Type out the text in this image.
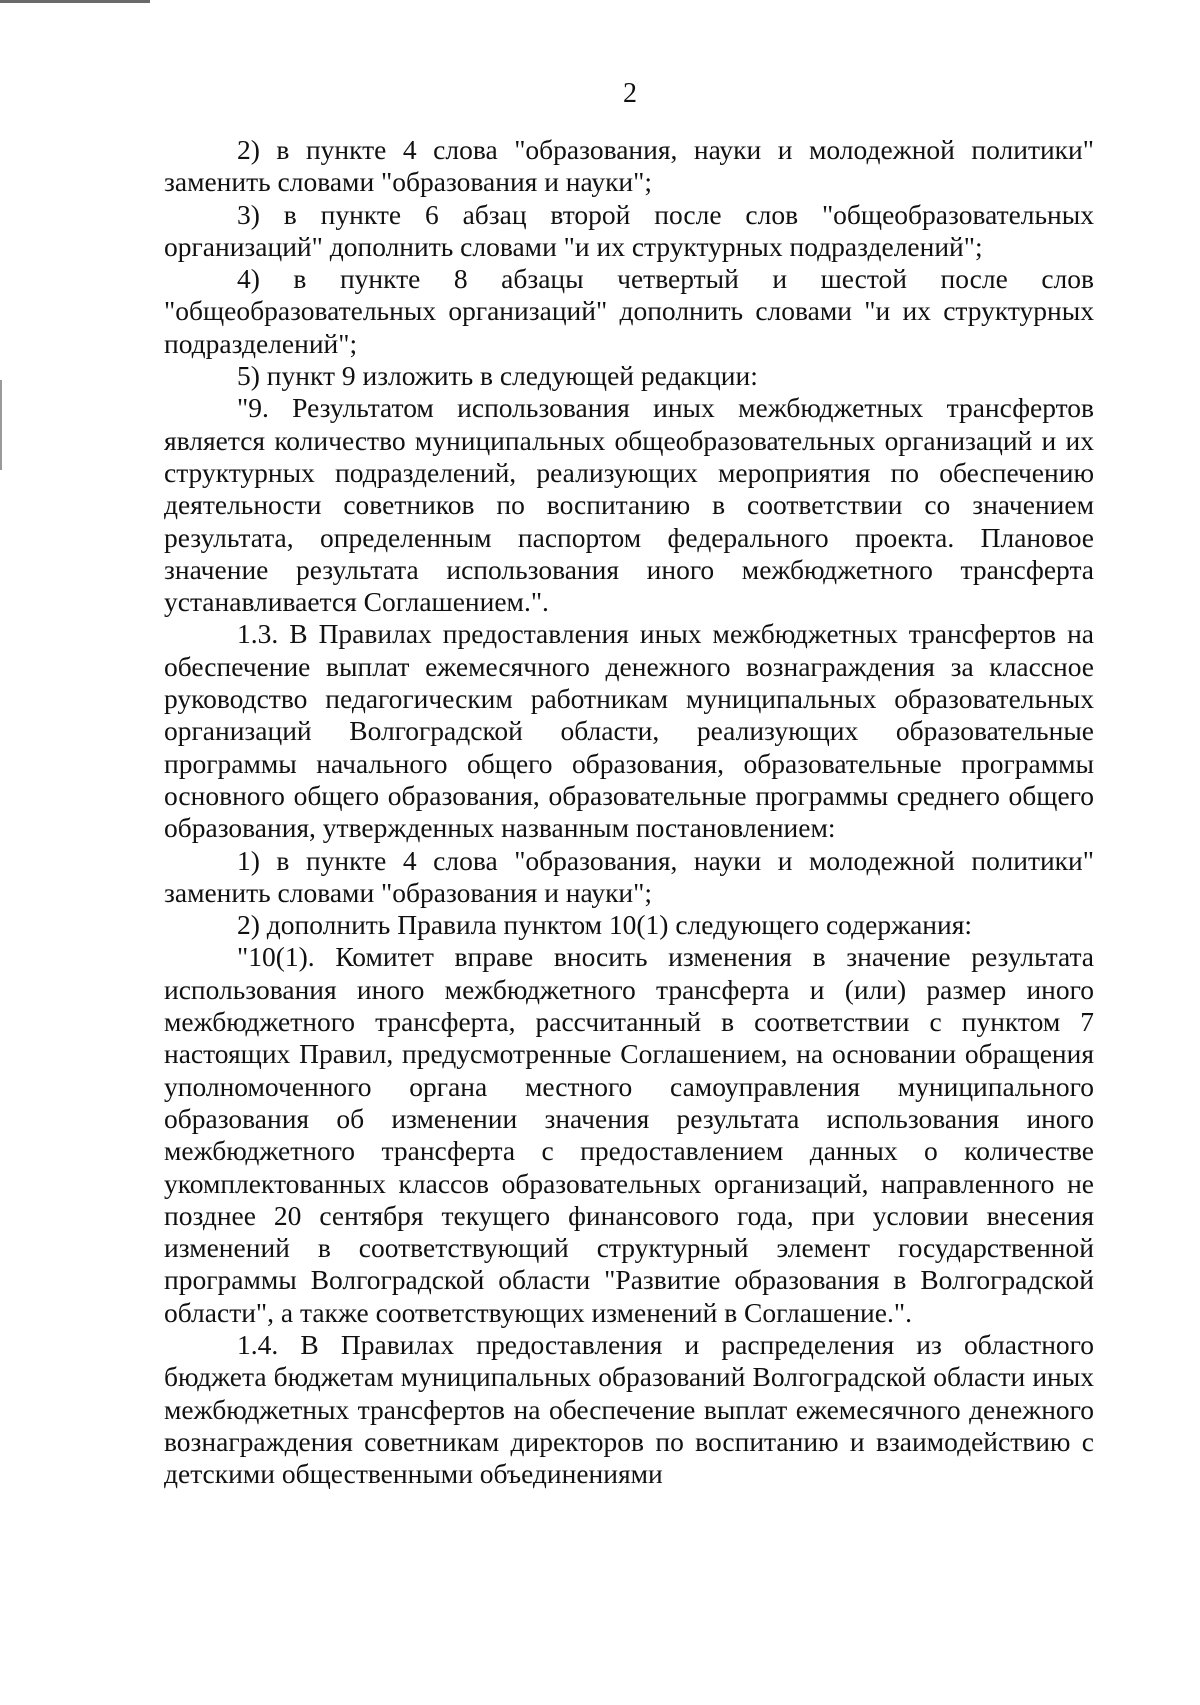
2

2) в пункте 4 слова "образования, науки и молодежной политики" заменить словами "образования и науки";

3) в пункте 6 абзац второй после слов "общеобразовательных организаций" дополнить словами "и их структурных подразделений";

4) в пункте 8 абзацы четвертый и шестой после слов "общеобразовательных организаций" дополнить словами "и их структурных подразделений";

5) пункт 9 изложить в следующей редакции:

"9. Результатом использования иных межбюджетных трансфертов является количество муниципальных общеобразовательных организаций и их структурных подразделений, реализующих мероприятия по обеспечению деятельности советников по воспитанию в соответствии со значением результата, определенным паспортом федерального проекта. Плановое значение результата использования иного межбюджетного трансферта устанавливается Соглашением.".

1.3. В Правилах предоставления иных межбюджетных трансфертов на обеспечение выплат ежемесячного денежного вознаграждения за классное руководство педагогическим работникам муниципальных образовательных организаций Волгоградской области, реализующих образовательные программы начального общего образования, образовательные программы основного общего образования, образовательные программы среднего общего образования, утвержденных названным постановлением:

1) в пункте 4 слова "образования, науки и молодежной политики" заменить словами "образования и науки";

2) дополнить Правила пунктом 10(1) следующего содержания:

"10(1). Комитет вправе вносить изменения в значение результата использования иного межбюджетного трансферта и (или) размер иного межбюджетного трансферта, рассчитанный в соответствии с пунктом 7 настоящих Правил, предусмотренные Соглашением, на основании обращения уполномоченного органа местного самоуправления муниципального образования об изменении значения результата использования иного межбюджетного трансферта с предоставлением данных о количестве укомплектованных классов образовательных организаций, направленного не позднее 20 сентября текущего финансового года, при условии внесения изменений в соответствующий структурный элемент государственной программы Волгоградской области "Развитие образования в Волгоградской области", а также соответствующих изменений в Соглашение.".

1.4. В Правилах предоставления и распределения из областного бюджета бюджетам муниципальных образований Волгоградской области иных межбюджетных трансфертов на обеспечение выплат ежемесячного денежного вознаграждения советникам директоров по воспитанию и взаимодействию с детскими общественными объединениями
